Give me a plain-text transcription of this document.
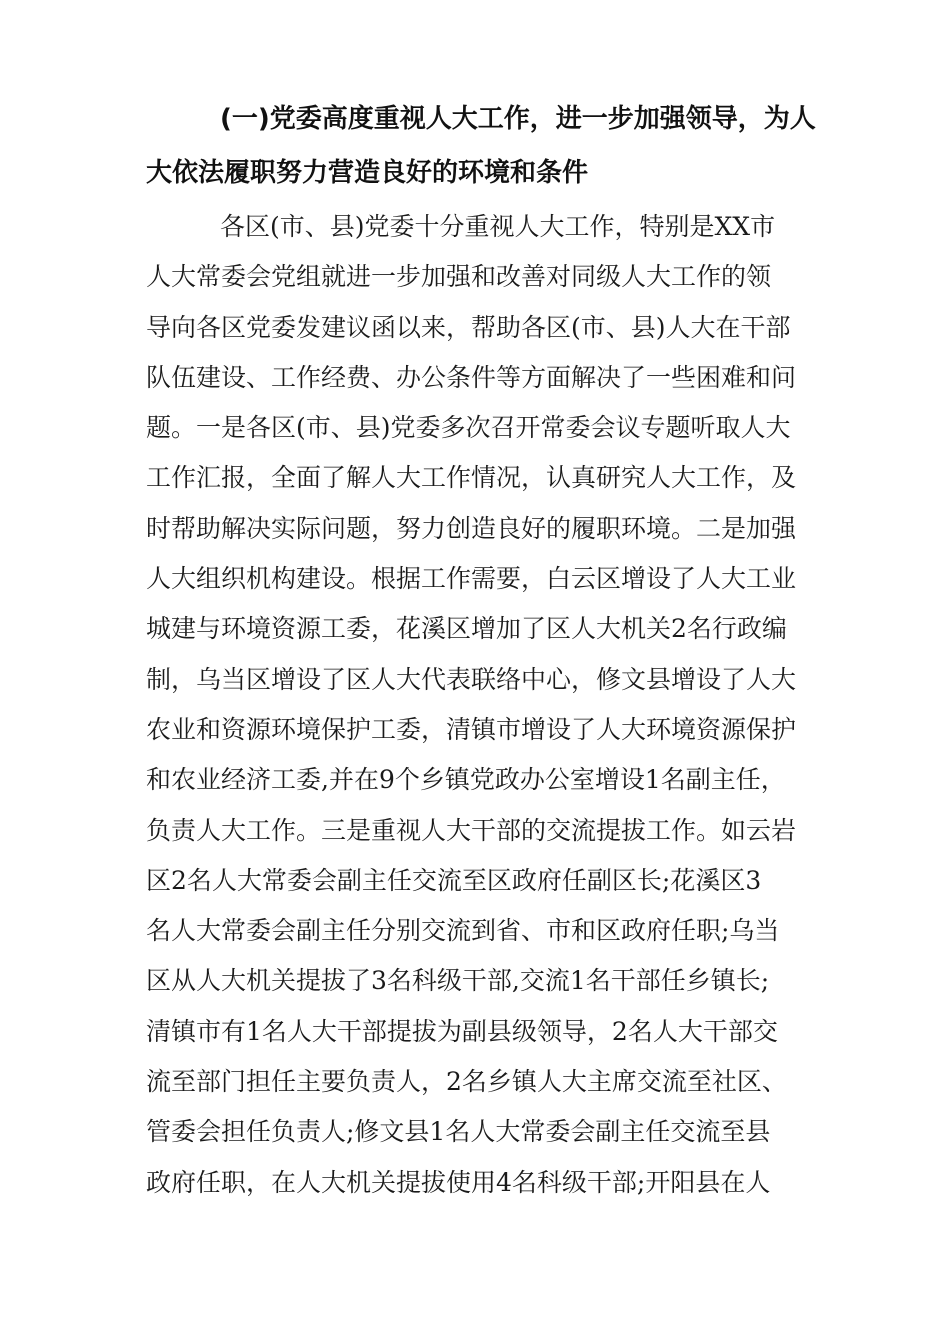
(一)党委高度重视人大工作，进一步加强领导，为人
大依法履职努力营造良好的环境和条件
各区(市、县)党委十分重视人大工作，特别是XX市
人大常委会党组就进一步加强和改善对同级人大工作的领
导向各区党委发建议函以来，帮助各区(市、县)人大在干部
队伍建设、工作经费、办公条件等方面解决了一些困难和问
题。一是各区(市、县)党委多次召开常委会议专题听取人大
工作汇报，全面了解人大工作情况，认真研究人大工作，及
时帮助解决实际问题，努力创造良好的履职环境。二是加强
人大组织机构建设。根据工作需要，白云区增设了人大工业
城建与环境资源工委，花溪区增加了区人大机关2名行政编
制，乌当区增设了区人大代表联络中心，修文县增设了人大
农业和资源环境保护工委，清镇市增设了人大环境资源保护
和农业经济工委,并在9个乡镇党政办公室增设1名副主任，
负责人大工作。三是重视人大干部的交流提拔工作。如云岩
区2名人大常委会副主任交流至区政府任副区长;花溪区3
名人大常委会副主任分别交流到省、市和区政府任职;乌当
区从人大机关提拔了3名科级干部,交流1名干部任乡镇长;
清镇市有1名人大干部提拔为副县级领导，2名人大干部交
流至部门担任主要负责人，2名乡镇人大主席交流至社区、
管委会担任负责人;修文县1名人大常委会副主任交流至县
政府任职，在人大机关提拔使用4名科级干部;开阳县在人
